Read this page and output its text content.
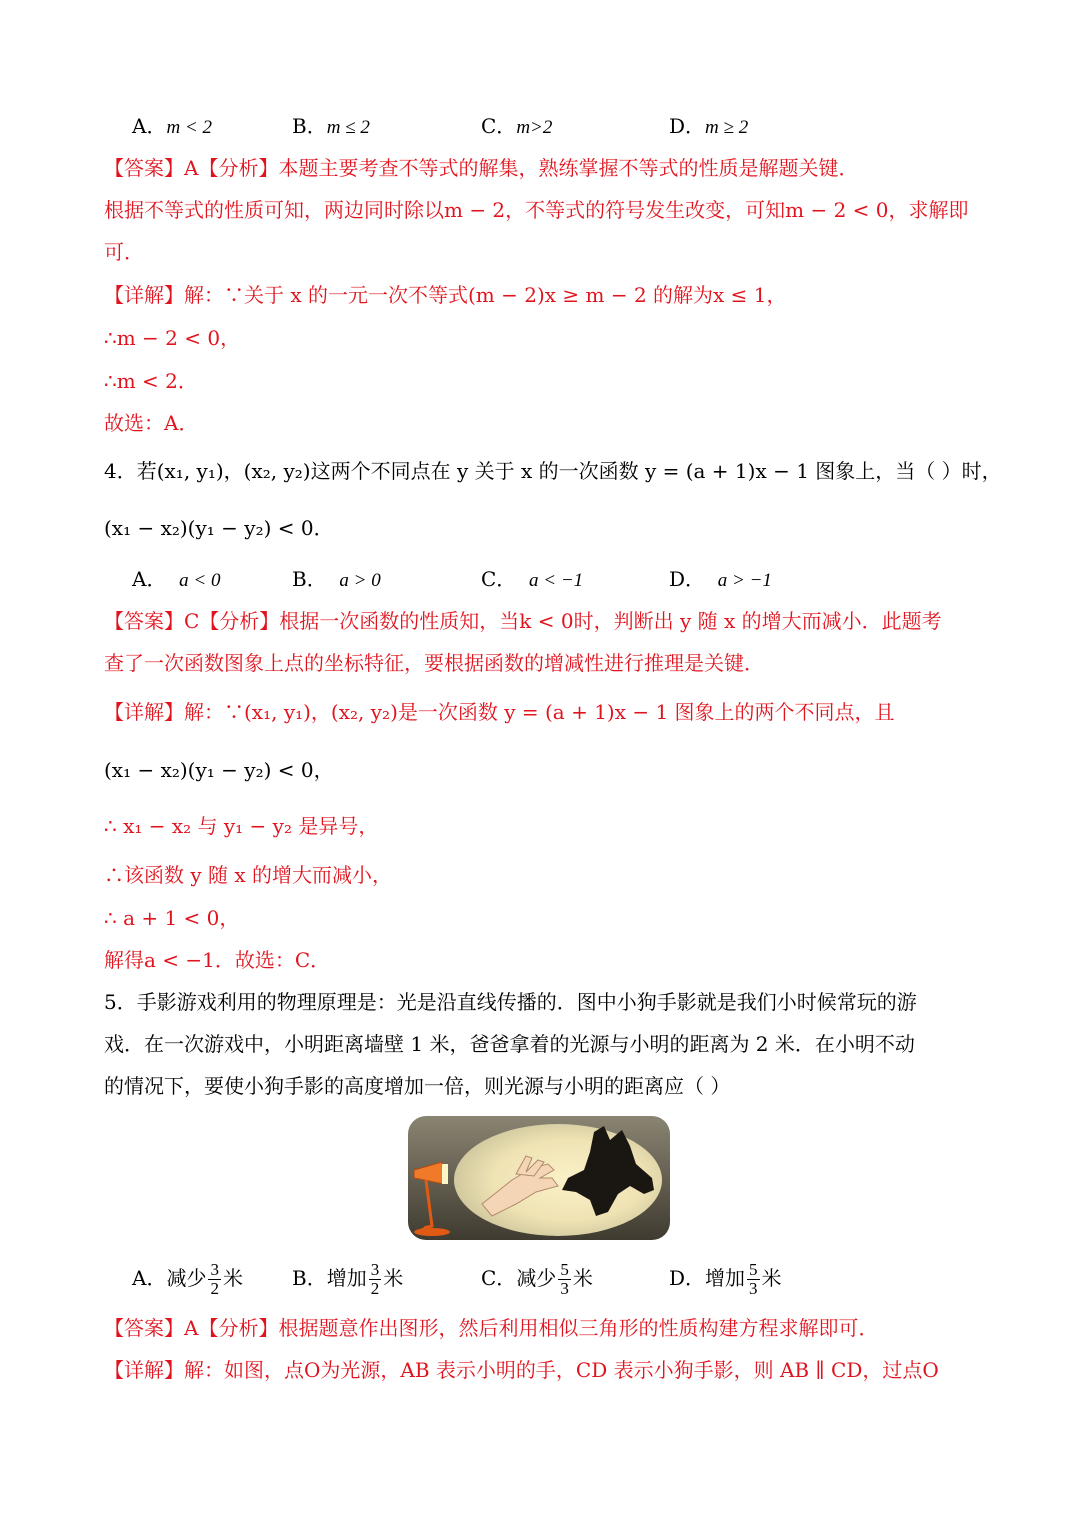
A．m < 2	B．m ≤ 2	C．m>2	D．m ≥ 2
【答案】A【分析】本题主要考查不等式的解集，熟练掌握不等式的性质是解题关键．
根据不等式的性质可知，两边同时除以m − 2，不等式的符号发生改变，可知m − 2 < 0，求解即
可．
【详解】解：∵关于 x 的一元一次不等式(m − 2)x ≥ m − 2 的解为x ≤ 1，
∴m − 2 < 0，
∴m < 2．
故选：A．
4．若(x₁, y₁)，(x₂, y₂)这两个不同点在 y 关于 x 的一次函数 y = (a + 1)x − 1 图象上，当（ ）时，
(x₁ − x₂)(y₁ − y₂) < 0．
A． a < 0	B． a > 0	C． a < −1	D． a > −1
【答案】C【分析】根据一次函数的性质知，当k < 0时，判断出 y 随 x 的增大而减小．此题考
查了一次函数图象上点的坐标特征，要根据函数的增减性进行推理是关键．
【详解】解：∵(x₁, y₁)，(x₂, y₂)是一次函数 y = (a + 1)x − 1 图象上的两个不同点，且
(x₁ − x₂)(y₁ − y₂) < 0，
∴ x₁ − x₂ 与 y₁ − y₂ 是异号，
∴该函数 y 随 x 的增大而减小，
∴ a + 1 < 0，
解得a < −1．故选：C．
5．手影游戏利用的物理原理是：光是沿直线传播的．图中小狗手影就是我们小时候常玩的游
戏．在一次游戏中，小明距离墙壁 1 米，爸爸拿着的光源与小明的距离为 2 米．在小明不动
的情况下，要使小狗手影的高度增加一倍，则光源与小明的距离应（ ）
A．减少 $\frac{3}{2}$ 米 B．增加 $\frac{3}{2}$ 米	C．减少 $\frac{5}{3}$ 米	D．增加 $\frac{5}{3}$ 米
【答案】A【分析】根据题意作出图形，然后利用相似三角形的性质构建方程求解即可．
【详解】解：如图，点O为光源，AB 表示小明的手，CD 表示小狗手影，则 AB ∥ CD，过点O
